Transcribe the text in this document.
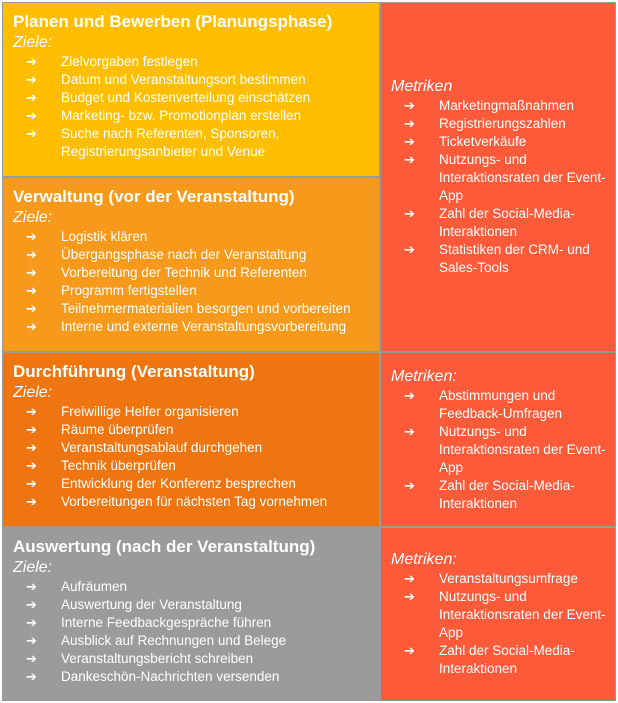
Planen und Bewerben (Planungsphase)

Ziele:

➔ Zielvorgaben festlegen
➔ Datum und Veranstaltungsort bestimmen
➔ Budget und Kostenverteilung einschätzen
➔ Marketing- bzw. Promotionplan erstellen
➔ Suche nach Referenten, Sponsoren, Registrierungsanbieter und Venue

Verwaltung (vor der Veranstaltung)

Ziele:

➔ Logistik klären
➔ Übergangsphase nach der Veranstaltung
➔ Vorbereitung der Technik und Referenten
➔ Programm fertigstellen
➔ Teilnehmermaterialien besorgen und vorbereiten
➔ Interne und externe Veranstaltungsvorbereitung

Metriken

➔ Marketingmaßnahmen
➔ Registrierungszahlen
➔ Ticketverkäufe
➔ Nutzungs- und Interaktionsraten der Event-App
➔ Zahl der Social-Media-Interaktionen
➔ Statistiken der CRM- und Sales-Tools

Durchführung (Veranstaltung)

Ziele:

➔ Freiwillige Helfer organisieren
➔ Räume überprüfen
➔ Veranstaltungsablauf durchgehen
➔ Technik überprüfen
➔ Entwicklung der Konferenz besprechen
➔ Vorbereitungen für nächsten Tag vornehmen

Metriken:

➔ Abstimmungen und Feedback-Umfragen
➔ Nutzungs- und Interaktionsraten der Event-App
➔ Zahl der Social-Media-Interaktionen

Auswertung (nach der Veranstaltung)

Ziele:

➔ Aufräumen
➔ Auswertung der Veranstaltung
➔ Interne Feedbackgespräche führen
➔ Ausblick auf Rechnungen und Belege
➔ Veranstaltungsbericht schreiben
➔ Dankeschön-Nachrichten versenden

Metriken:

➔ Veranstaltungsumfrage
➔ Nutzungs- und Interaktionsraten der Event-App
➔ Zahl der Social-Media-Interaktionen
